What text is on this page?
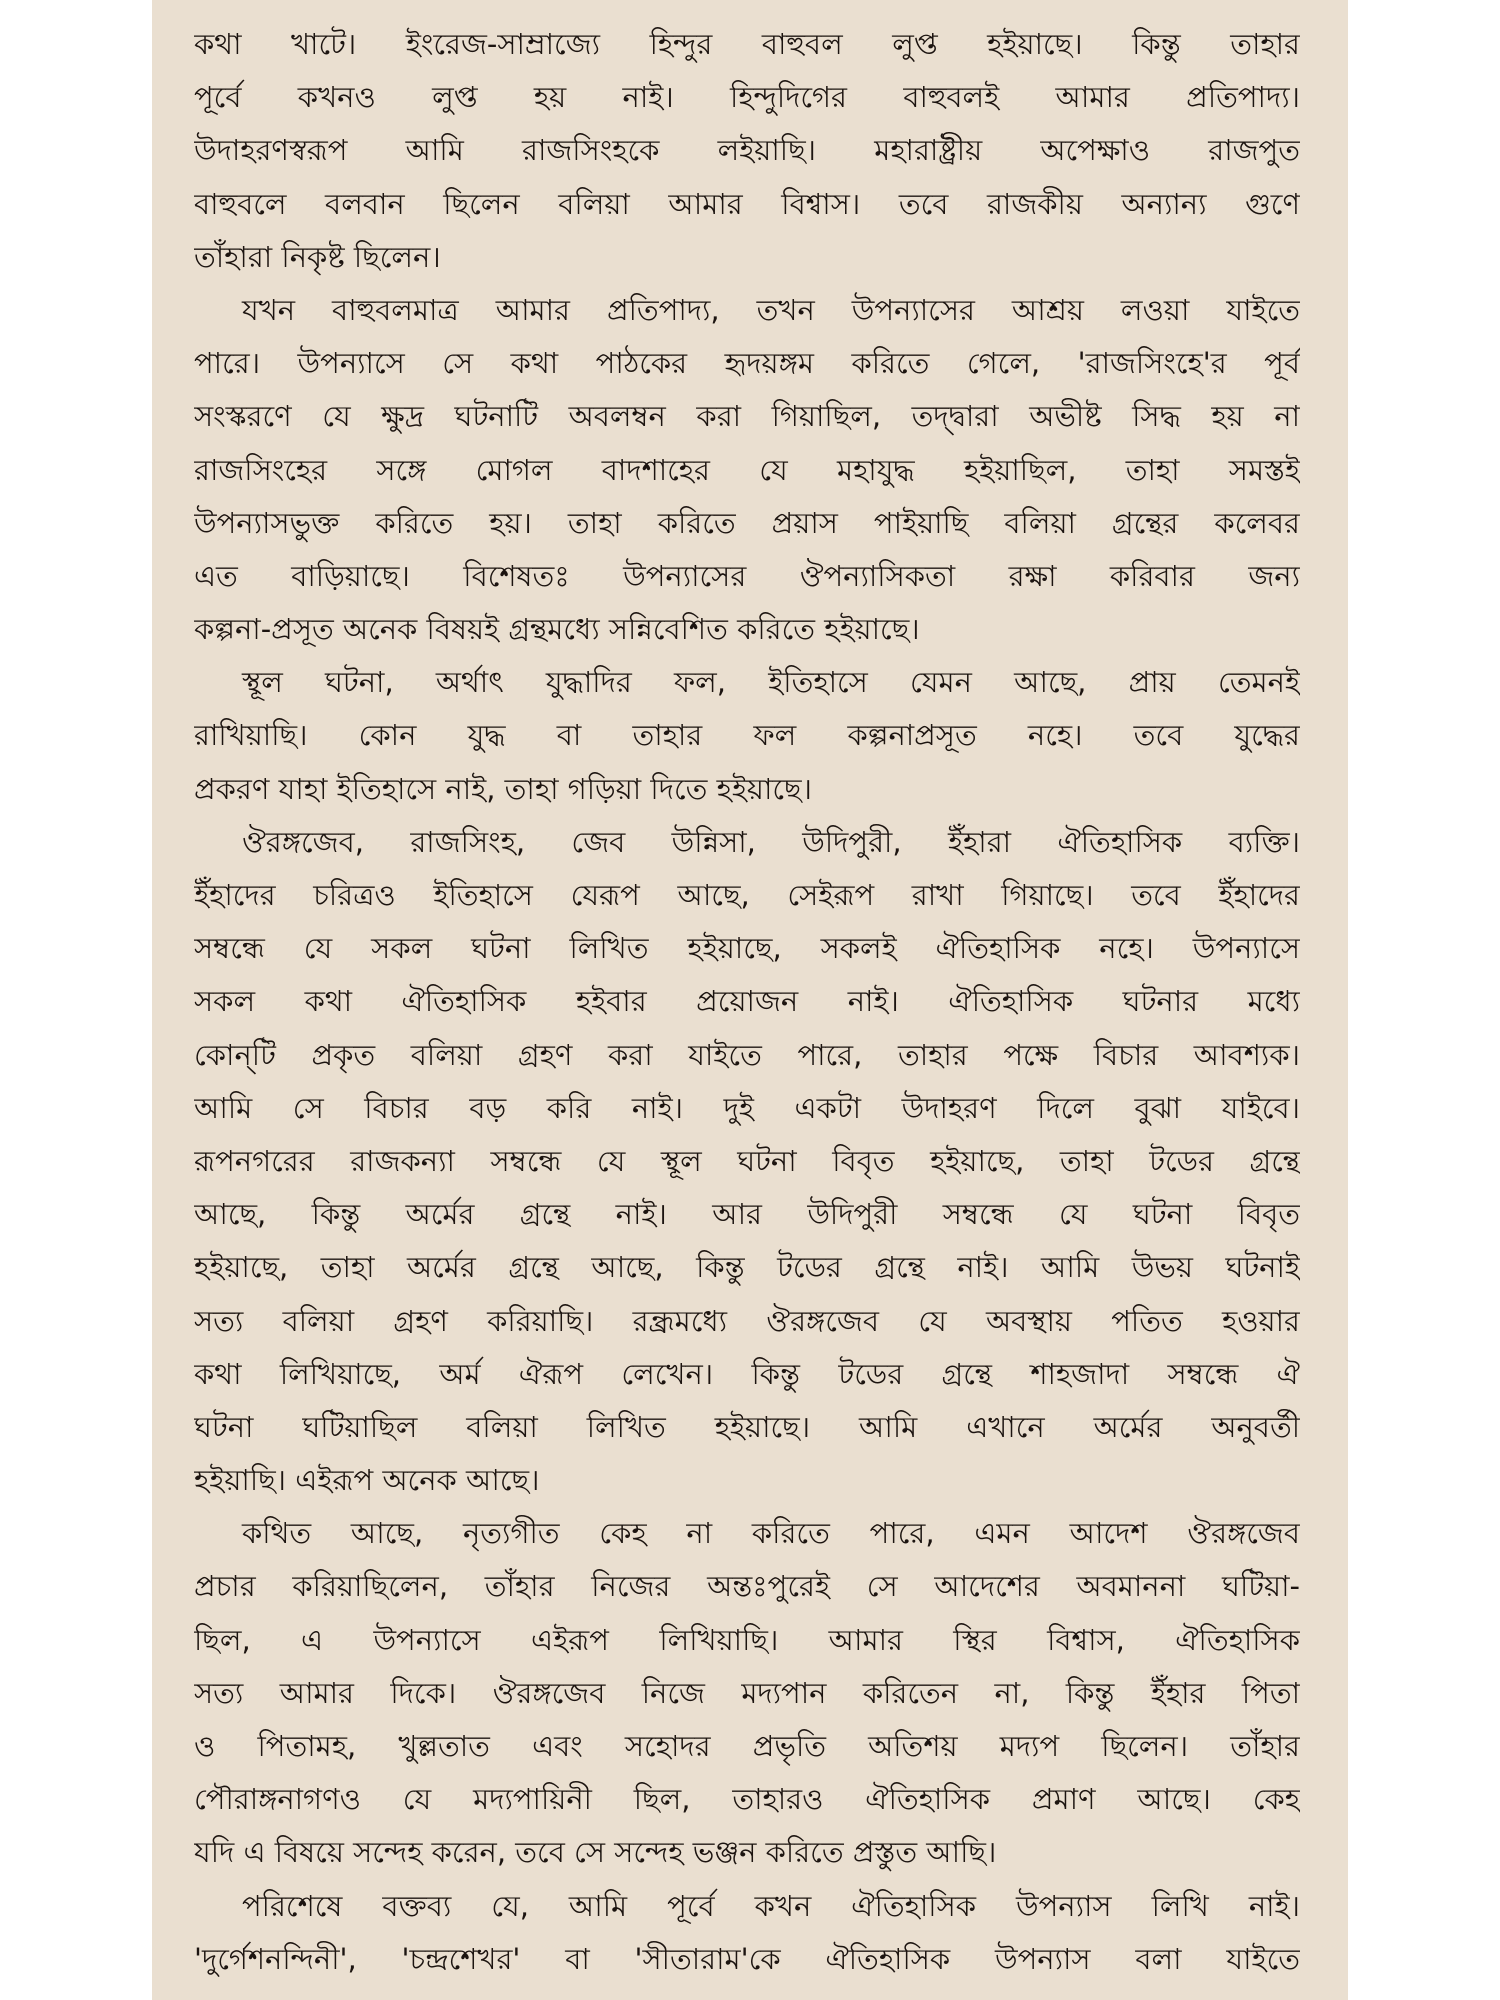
কথা খাটে। ইংরেজ-সাম্রাজ্যে হিন্দুর বাহুবল লুপ্ত হইয়াছে। কিন্তু তাহার
পূর্বে কখনও লুপ্ত হয় নাই। হিন্দুদিগের বাহুবলই আমার প্রতিপাদ্য।
উদাহরণস্বরূপ আমি রাজসিংহকে লইয়াছি। মহারাষ্ট্রীয় অপেক্ষাও রাজপুত
বাহুবলে বলবান ছিলেন বলিয়া আমার বিশ্বাস। তবে রাজকীয় অন্যান্য গুণে
তাঁহারা নিকৃষ্ট ছিলেন।
যখন বাহুবলমাত্র আমার প্রতিপাদ্য, তখন উপন্যাসের আশ্রয় লওয়া যাইতে
পারে। উপন্যাসে সে কথা পাঠকের হৃদয়ঙ্গম করিতে গেলে, 'রাজসিংহে'র পূর্ব
সংস্করণে যে ক্ষুদ্র ঘটনাটি অবলম্বন করা গিয়াছিল, তদ্দ্বারা অভীষ্ট সিদ্ধ হয় না
রাজসিংহের সঙ্গে মোগল বাদশাহের যে মহাযুদ্ধ হইয়াছিল, তাহা সমস্তই
উপন্যাসভুক্ত করিতে হয়। তাহা করিতে প্রয়াস পাইয়াছি বলিয়া গ্রন্থের কলেবর
এত বাড়িয়াছে। বিশেষতঃ উপন্যাসের ঔপন্যাসিকতা রক্ষা করিবার জন্য
কল্পনা-প্রসূত অনেক বিষয়ই গ্রন্থমধ্যে সন্নিবেশিত করিতে হইয়াছে।
স্থূল ঘটনা, অর্থাৎ যুদ্ধাদির ফল, ইতিহাসে যেমন আছে, প্রায় তেমনই
রাখিয়াছি। কোন যুদ্ধ বা তাহার ফল কল্পনাপ্রসূত নহে। তবে যুদ্ধের
প্রকরণ যাহা ইতিহাসে নাই, তাহা গড়িয়া দিতে হইয়াছে।
ঔরঙ্গজেব, রাজসিংহ, জেব উন্নিসা, উদিপুরী, ইঁহারা ঐতিহাসিক ব্যক্তি।
ইঁহাদের চরিত্রও ইতিহাসে যেরূপ আছে, সেইরূপ রাখা গিয়াছে। তবে ইঁহাদের
সম্বন্ধে যে সকল ঘটনা লিখিত হইয়াছে, সকলই ঐতিহাসিক নহে। উপন্যাসে
সকল কথা ঐতিহাসিক হইবার প্রয়োজন নাই। ঐতিহাসিক ঘটনার মধ্যে
কোন্‌টি প্রকৃত বলিয়া গ্রহণ করা যাইতে পারে, তাহার পক্ষে বিচার আবশ্যক।
আমি সে বিচার বড় করি নাই। দুই একটা উদাহরণ দিলে বুঝা যাইবে।
রূপনগরের রাজকন্যা সম্বন্ধে যে স্থূল ঘটনা বিবৃত হইয়াছে, তাহা টডের গ্রন্থে
আছে, কিন্তু অর্মের গ্রন্থে নাই। আর উদিপুরী সম্বন্ধে যে ঘটনা বিবৃত
হইয়াছে, তাহা অর্মের গ্রন্থে আছে, কিন্তু টডের গ্রন্থে নাই। আমি উভয় ঘটনাই
সত্য বলিয়া গ্রহণ করিয়াছি। রন্ধ্রমধ্যে ঔরঙ্গজেব যে অবস্থায় পতিত হওয়ার
কথা লিখিয়াছে, অর্ম ঐরূপ লেখেন। কিন্তু টডের গ্রন্থে শাহজাদা সম্বন্ধে ঐ
ঘটনা ঘটিয়াছিল বলিয়া লিখিত হইয়াছে। আমি এখানে অর্মের অনুবর্তী
হইয়াছি। এইরূপ অনেক আছে।
কথিত আছে, নৃত্যগীত কেহ না করিতে পারে, এমন আদেশ ঔরঙ্গজেব
প্রচার করিয়াছিলেন, তাঁহার নিজের অন্তঃপুরেই সে আদেশের অবমাননা ঘটিয়া-
ছিল, এ উপন্যাসে এইরূপ লিখিয়াছি। আমার স্থির বিশ্বাস, ঐতিহাসিক
সত্য আমার দিকে। ঔরঙ্গজেব নিজে মদ্যপান করিতেন না, কিন্তু ইঁহার পিতা
ও পিতামহ, খুল্লতাত এবং সহোদর প্রভৃতি অতিশয় মদ্যপ ছিলেন। তাঁহার
পৌরাঙ্গনাগণও যে মদ্যপায়িনী ছিল, তাহারও ঐতিহাসিক প্রমাণ আছে। কেহ
যদি এ বিষয়ে সন্দেহ করেন, তবে সে সন্দেহ ভঞ্জন করিতে প্রস্তুত আছি।
পরিশেষে বক্তব্য যে, আমি পূর্বে কখন ঐতিহাসিক উপন্যাস লিখি নাই।
'দুর্গেশনন্দিনী', 'চন্দ্রশেখর' বা 'সীতারাম'কে ঐতিহাসিক উপন্যাস বলা যাইতে
